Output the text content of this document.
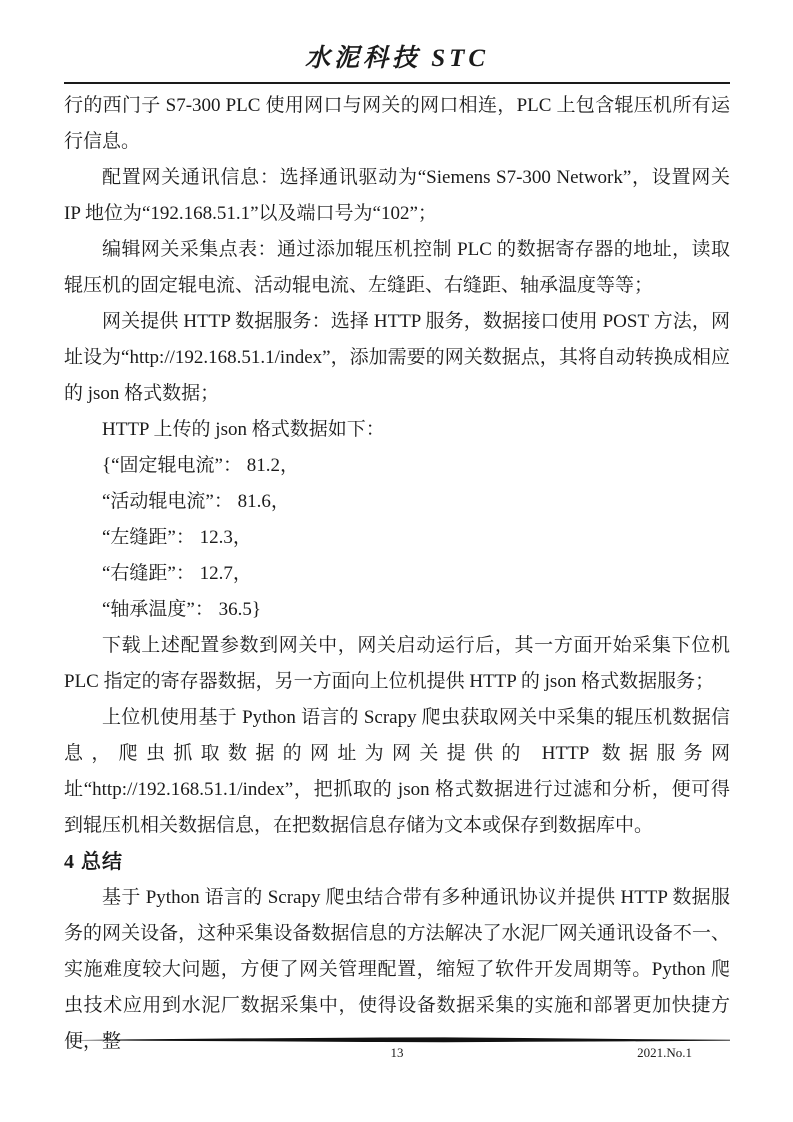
水泥科技 STC

行的西门子 S7-300 PLC 使用网口与网关的网口相连，PLC 上包含辊压机所有运行信息。

配置网关通讯信息：选择通讯驱动为“Siemens S7-300 Network”，设置网关 IP 地位为“192.168.51.1”以及端口号为“102”；

编辑网关采集点表：通过添加辊压机控制 PLC 的数据寄存器的地址，读取辊压机的固定辊电流、活动辊电流、左缝距、右缝距、轴承温度等等；

网关提供 HTTP 数据服务：选择 HTTP 服务，数据接口使用 POST 方法，网址设为“http://192.168.51.1/index”，添加需要的网关数据点，其将自动转换成相应的 json 格式数据；

HTTP 上传的 json 格式数据如下：

{“固定辊电流”： 81.2，

“活动辊电流”： 81.6，

“左缝距”： 12.3，

“右缝距”： 12.7，

“轴承温度”： 36.5}

下载上述配置参数到网关中，网关启动运行后，其一方面开始采集下位机 PLC 指定的寄存器数据，另一方面向上位机提供 HTTP 的 json 格式数据服务；

上位机使用基于 Python 语言的 Scrapy 爬虫获取网关中采集的辊压机数据信息，爬虫抓取数据的网址为网关提供的 HTTP 数据服务网址“http://192.168.51.1/index”，把抓取的 json 格式数据进行过滤和分析，便可得到辊压机相关数据信息，在把数据信息存储为文本或保存到数据库中。

4 总结

基于 Python 语言的 Scrapy 爬虫结合带有多种通讯协议并提供 HTTP 数据服务的网关设备，这种采集设备数据信息的方法解决了水泥厂网关通讯设备不一、实施难度较大问题，方便了网关管理配置，缩短了软件开发周期等。Python 爬虫技术应用到水泥厂数据采集中，使得设备数据采集的实施和部署更加快捷方便，整

13	2021.No.1
